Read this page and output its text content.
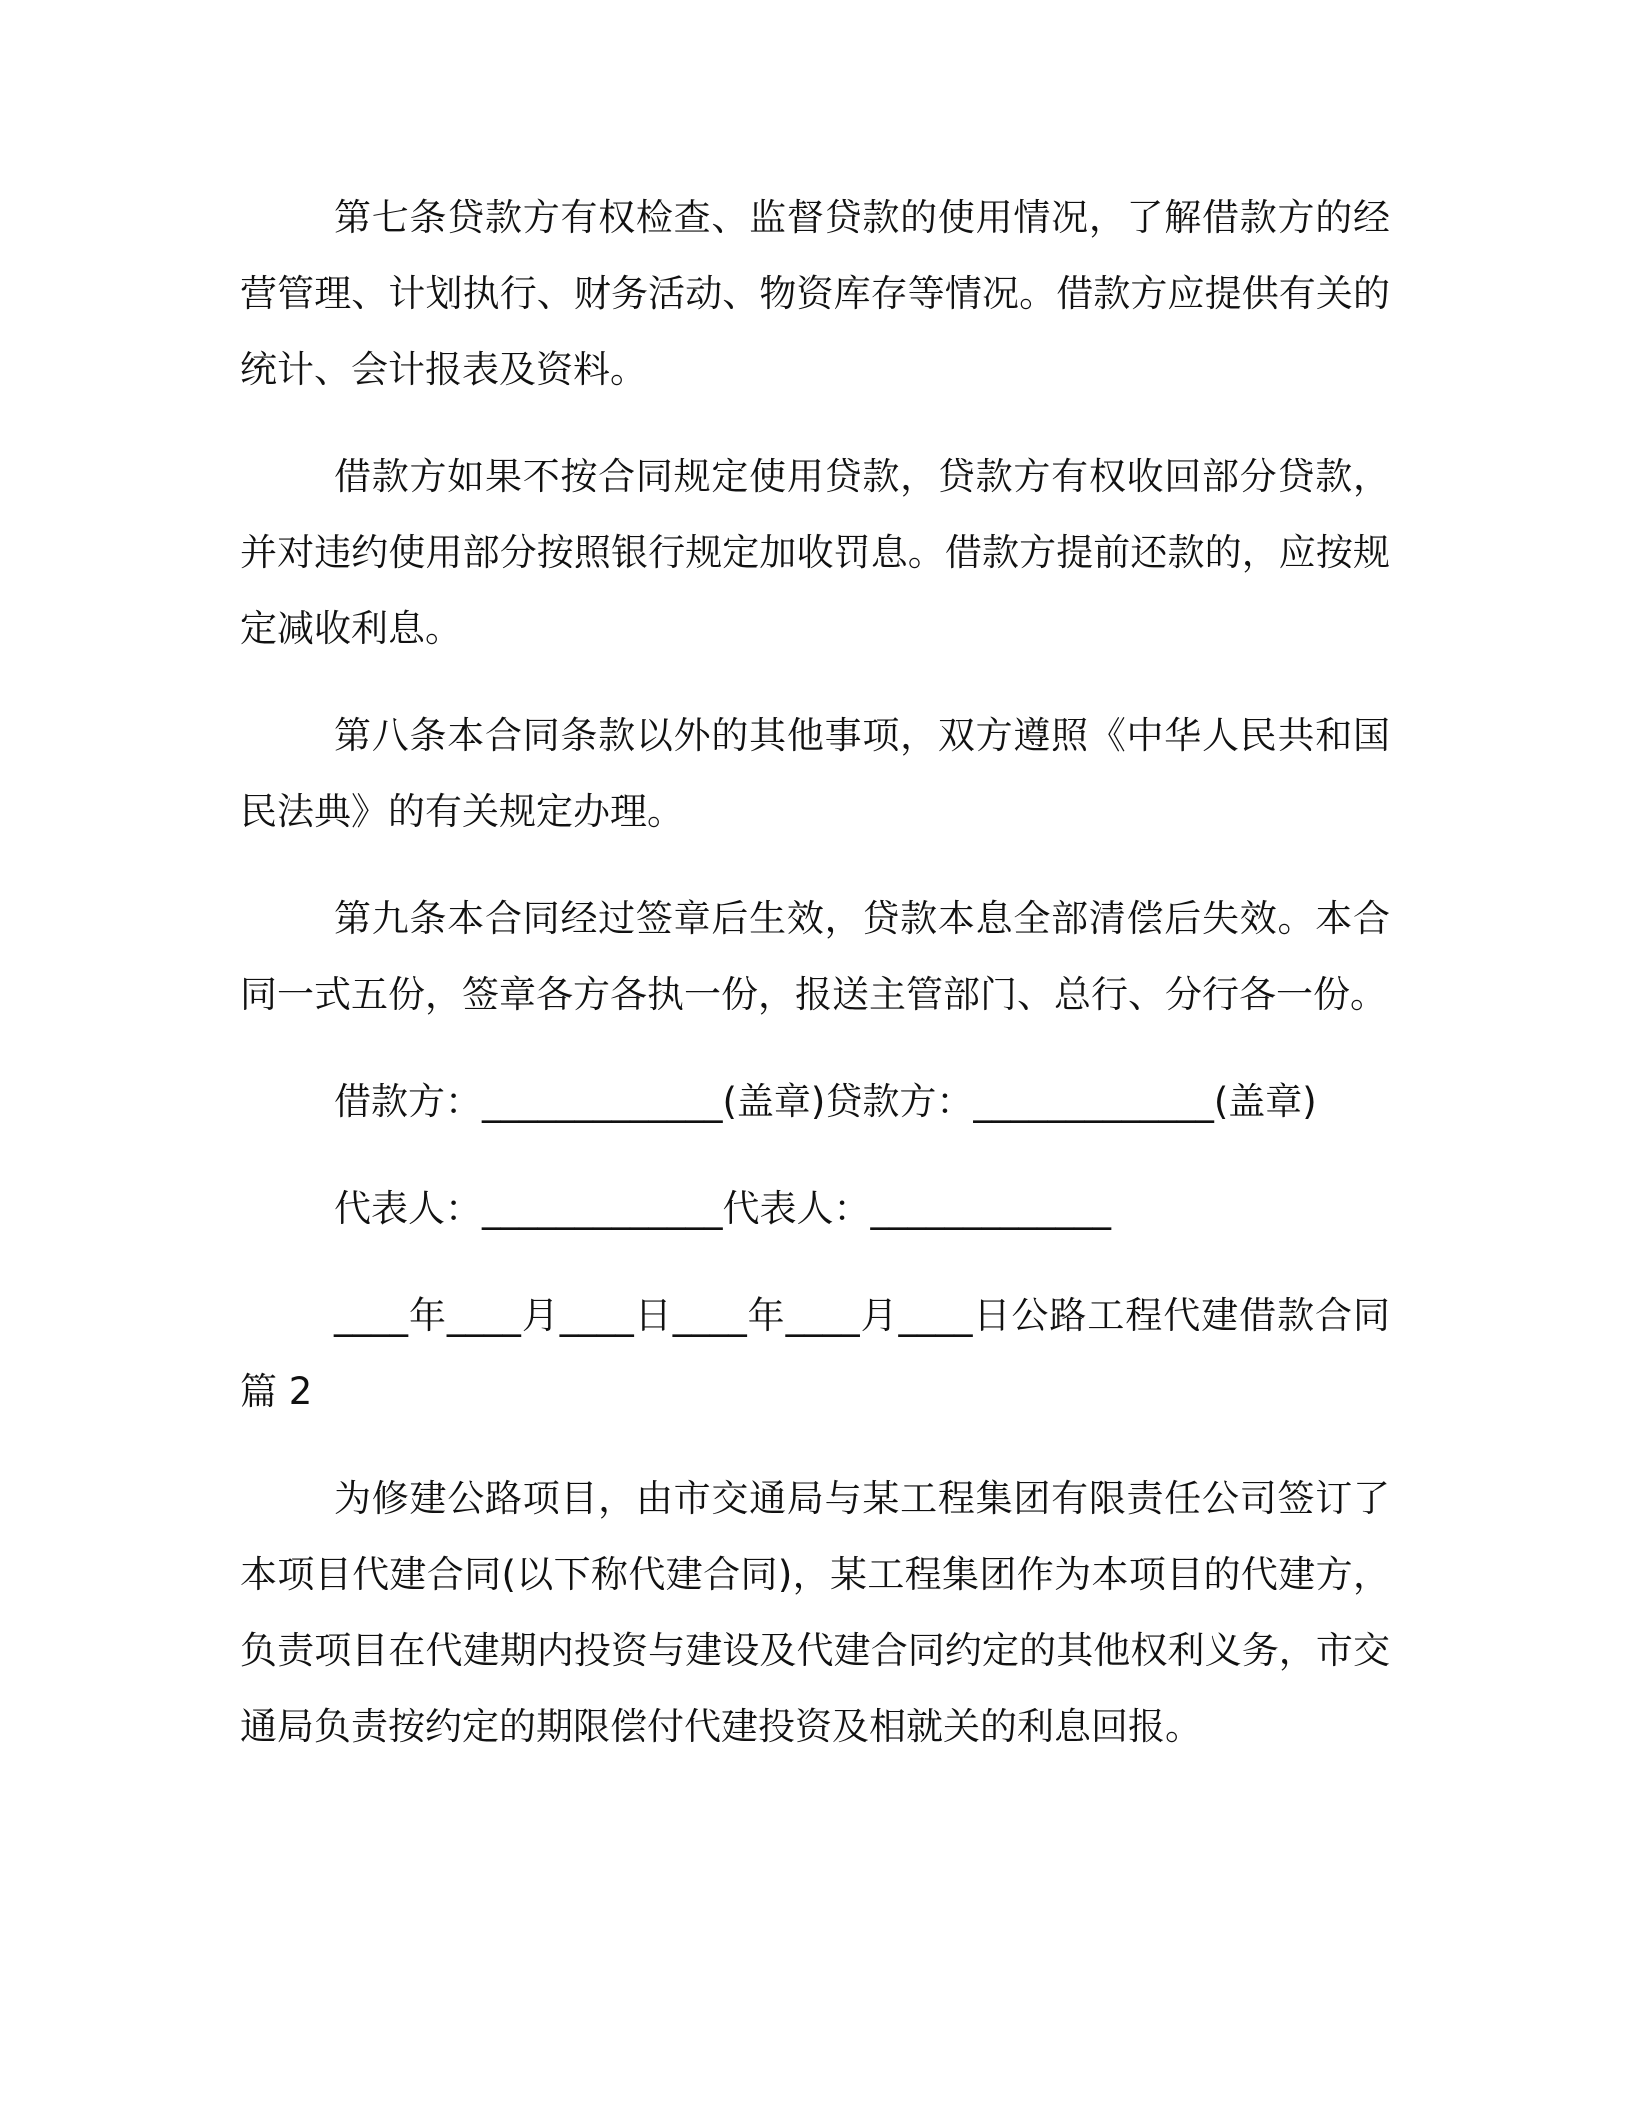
第七条贷款方有权检查、监督贷款的使用情况，了解借款方的经营管理、计划执行、财务活动、物资库存等情况。借款方应提供有关的统计、会计报表及资料。

借款方如果不按合同规定使用贷款，贷款方有权收回部分贷款，并对违约使用部分按照银行规定加收罚息。借款方提前还款的，应按规定减收利息。

第八条本合同条款以外的其他事项，双方遵照《中华人民共和国民法典》的有关规定办理。

第九条本合同经过签章后生效，贷款本息全部清偿后失效。本合同一式五份，签章各方各执一份，报送主管部门、总行、分行各一份。

借款方：_____________(盖章)贷款方：_____________(盖章)

代表人：_____________代表人：_____________

____年____月____日____年____月____日公路工程代建借款合同 篇 2

为修建公路项目，由市交通局与某工程集团有限责任公司签订了本项目代建合同(以下称代建合同)，某工程集团作为本项目的代建方，负责项目在代建期内投资与建设及代建合同约定的其他权利义务，市交通局负责按约定的期限偿付代建投资及相就关的利息回报。
